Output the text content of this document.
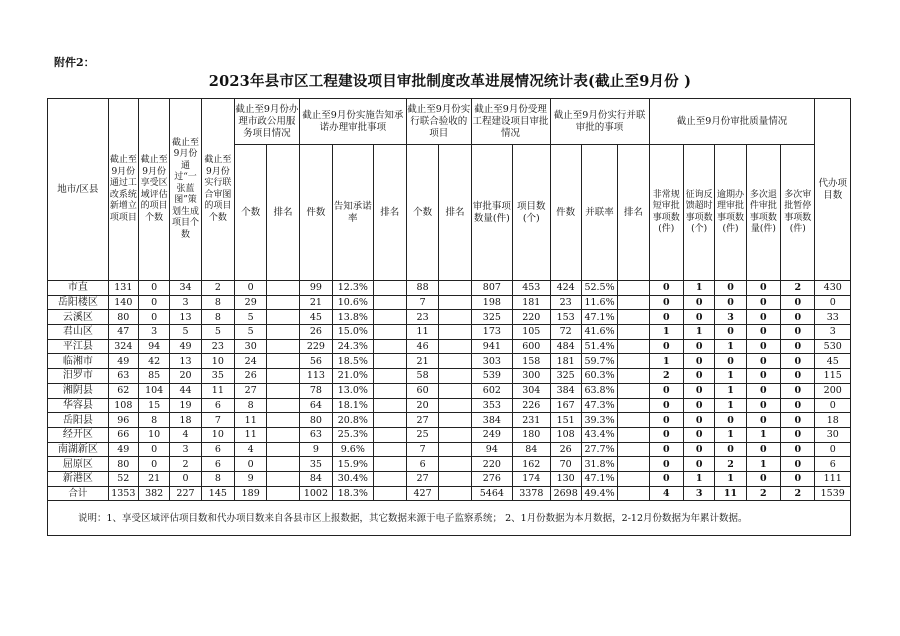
附件2：
2023年县市区工程建设项目审批制度改革进展情况统计表(截止至9月份 )
地市/区县	截止至9月份通过工改系统新增立项项目	截止至9月份享受区域评估的项目个数	截止至9月份通过“一张蓝图”策划生成项目个数	截止至9月份实行联合审图的项目个数	截止至9月份办理市政公用服务项目情况		截止至9月份实施告知承诺办理审批事项			截止至9月份实行联合验收的项目		截止至9月份受理工程建设项目审批情况		截止至9月份实行并联审批的事项			截止至9月份审批质量情况					代办项目数
					个数	排名	件数	告知承诺率	排名	个数	排名	审批事项数量(件)	项目数(个)	件数	并联率	排名	非常规短审批事项数(件)	征询反馈超时事项数(个)	逾期办理审批事项数(件)	多次退件审批事项数量(件)	多次审批暂停事项数(件)	
市直	131	0	34	2	0		99	12.3%		88		807	453	424	52.5%		0	1	0	0	2	430
岳阳楼区	140	0	3	8	29		21	10.6%		7		198	181	23	11.6%		0	0	0	0	0	0
云溪区	80	0	13	8	5		45	13.8%		23		325	220	153	47.1%		0	0	3	0	0	33
君山区	47	3	5	5	5		26	15.0%		11		173	105	72	41.6%		1	1	0	0	0	3
平江县	324	94	49	23	30		229	24.3%		46		941	600	484	51.4%		0	0	1	0	0	530
临湘市	49	42	13	10	24		56	18.5%		21		303	158	181	59.7%		1	0	0	0	0	45
汨罗市	63	85	20	35	26		113	21.0%		58		539	300	325	60.3%		2	0	1	0	0	115
湘阴县	62	104	44	11	27		78	13.0%		60		602	304	384	63.8%		0	0	1	0	0	200
华容县	108	15	19	6	8		64	18.1%		20		353	226	167	47.3%		0	0	1	0	0	0
岳阳县	96	8	18	7	11		80	20.8%		27		384	231	151	39.3%		0	0	0	0	0	18
经开区	66	10	4	10	11		63	25.3%		25		249	180	108	43.4%		0	0	1	1	0	30
南湖新区	49	0	3	6	4		9	9.6%		7		94	84	26	27.7%		0	0	0	0	0	0
屈原区	80	0	2	6	0		35	15.9%		6		220	162	70	31.8%		0	0	2	1	0	6
新港区	52	21	0	8	9		84	30.4%		27		276	174	130	47.1%		0	1	1	0	0	111
合计	1353	382	227	145	189		1002	18.3%		427		5464	3378	2698	49.4%		4	3	11	2	2	1539
说明：1、享受区域评估项目数和代办项目数来自各县市区上报数据，其它数据来源于电子监察系统； 2、1月份数据为本月数据，2-12月份数据为年累计数据。																						
